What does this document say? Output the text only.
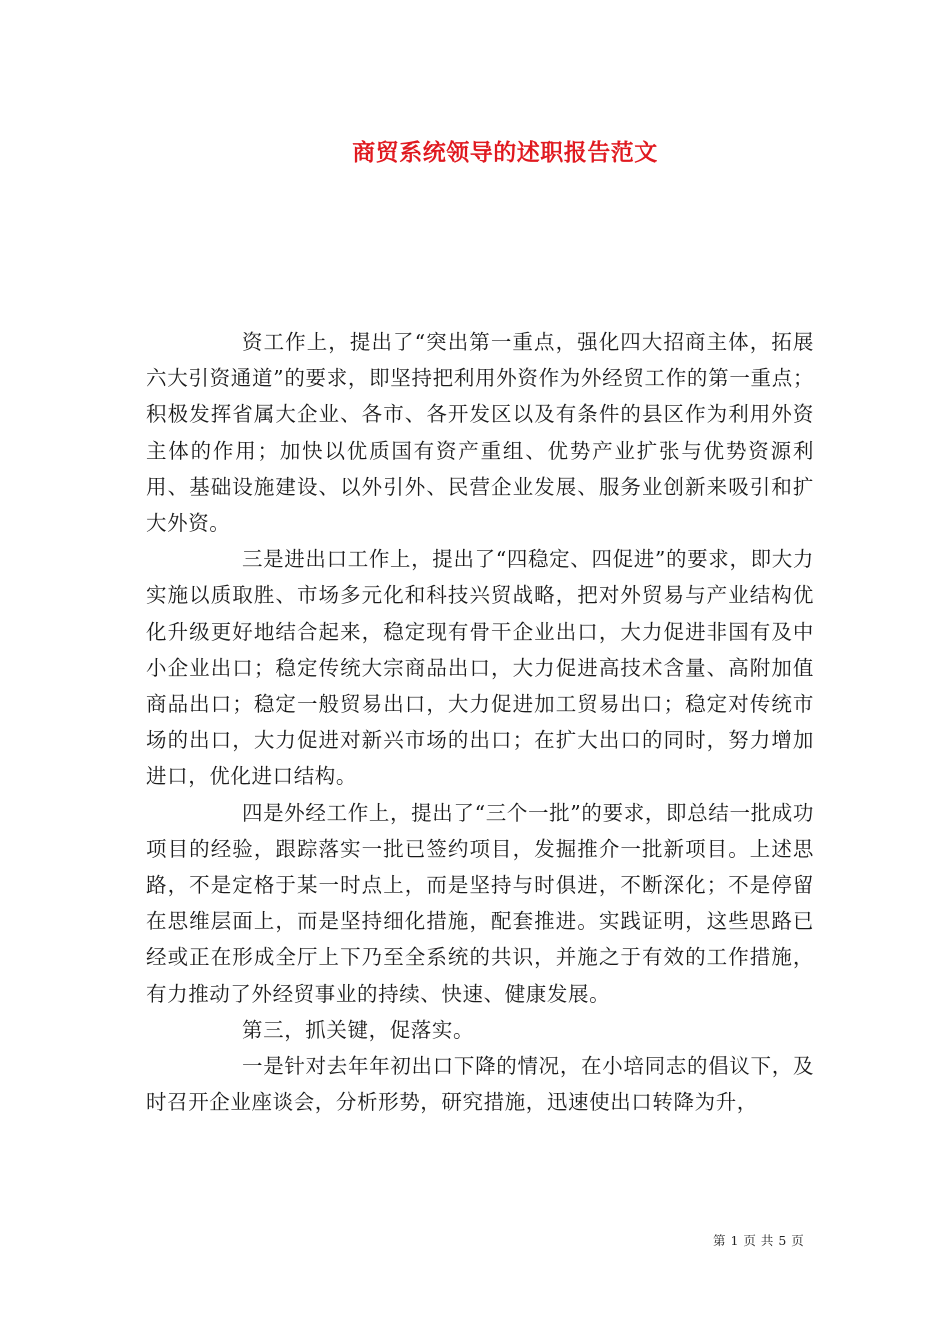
商贸系统领导的述职报告范文

资工作上，提出了“突出第一重点，强化四大招商主体，拓展六大引资通道”的要求，即坚持把利用外资作为外经贸工作的第一重点；积极发挥省属大企业、各市、各开发区以及有条件的县区作为利用外资主体的作用；加快以优质国有资产重组、优势产业扩张与优势资源利用、基础设施建设、以外引外、民营企业发展、服务业创新来吸引和扩大外资。

三是进出口工作上，提出了“四稳定、四促进”的要求，即大力实施以质取胜、市场多元化和科技兴贸战略，把对外贸易与产业结构优化升级更好地结合起来，稳定现有骨干企业出口，大力促进非国有及中小企业出口；稳定传统大宗商品出口，大力促进高技术含量、高附加值商品出口；稳定一般贸易出口，大力促进加工贸易出口；稳定对传统市场的出口，大力促进对新兴市场的出口；在扩大出口的同时，努力增加进口，优化进口结构。

四是外经工作上，提出了“三个一批”的要求，即总结一批成功项目的经验，跟踪落实一批已签约项目，发掘推介一批新项目。上述思路，不是定格于某一时点上，而是坚持与时俱进，不断深化；不是停留在思维层面上，而是坚持细化措施，配套推进。实践证明，这些思路已经或正在形成全厅上下乃至全系统的共识，并施之于有效的工作措施，有力推动了外经贸事业的持续、快速、健康发展。

第三，抓关键，促落实。

一是针对去年年初出口下降的情况，在小培同志的倡议下，及时召开企业座谈会，分析形势，研究措施，迅速使出口转降为升，

第 1 页 共 5 页
